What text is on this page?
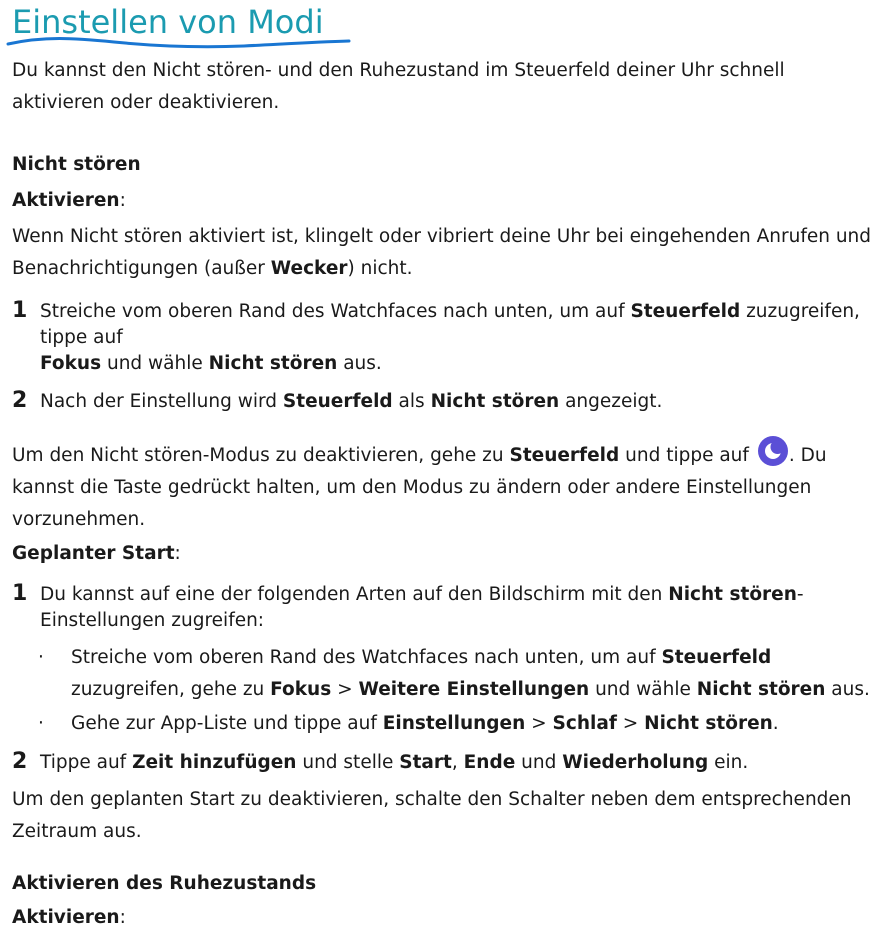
Einstellen von Modi

Du kannst den Nicht stören- und den Ruhezustand im Steuerfeld deiner Uhr schnell aktivieren oder deaktivieren.

Nicht stören

Aktivieren:

Wenn Nicht stören aktiviert ist, klingelt oder vibriert deine Uhr bei eingehenden Anrufen und Benachrichtigungen (außer Wecker) nicht.

1 Streiche vom oberen Rand des Watchfaces nach unten, um auf Steuerfeld zuzugreifen, tippe auf
Fokus und wähle Nicht stören aus.
2 Nach der Einstellung wird Steuerfeld als Nicht stören angezeigt.

Um den Nicht stören-Modus zu deaktivieren, gehe zu Steuerfeld und tippe auf . Du kannst die Taste gedrückt halten, um den Modus zu ändern oder andere Einstellungen vorzunehmen.

Geplanter Start:

1 Du kannst auf eine der folgenden Arten auf den Bildschirm mit den Nicht stören-Einstellungen zugreifen:
· Streiche vom oberen Rand des Watchfaces nach unten, um auf Steuerfeld zuzugreifen, gehe zu Fokus > Weitere Einstellungen und wähle Nicht stören aus.
· Gehe zur App-Liste und tippe auf Einstellungen > Schlaf > Nicht stören.
2 Tippe auf Zeit hinzufügen und stelle Start, Ende und Wiederholung ein.

Um den geplanten Start zu deaktivieren, schalte den Schalter neben dem entsprechenden Zeitraum aus.

Aktivieren des Ruhezustands

Aktivieren:
